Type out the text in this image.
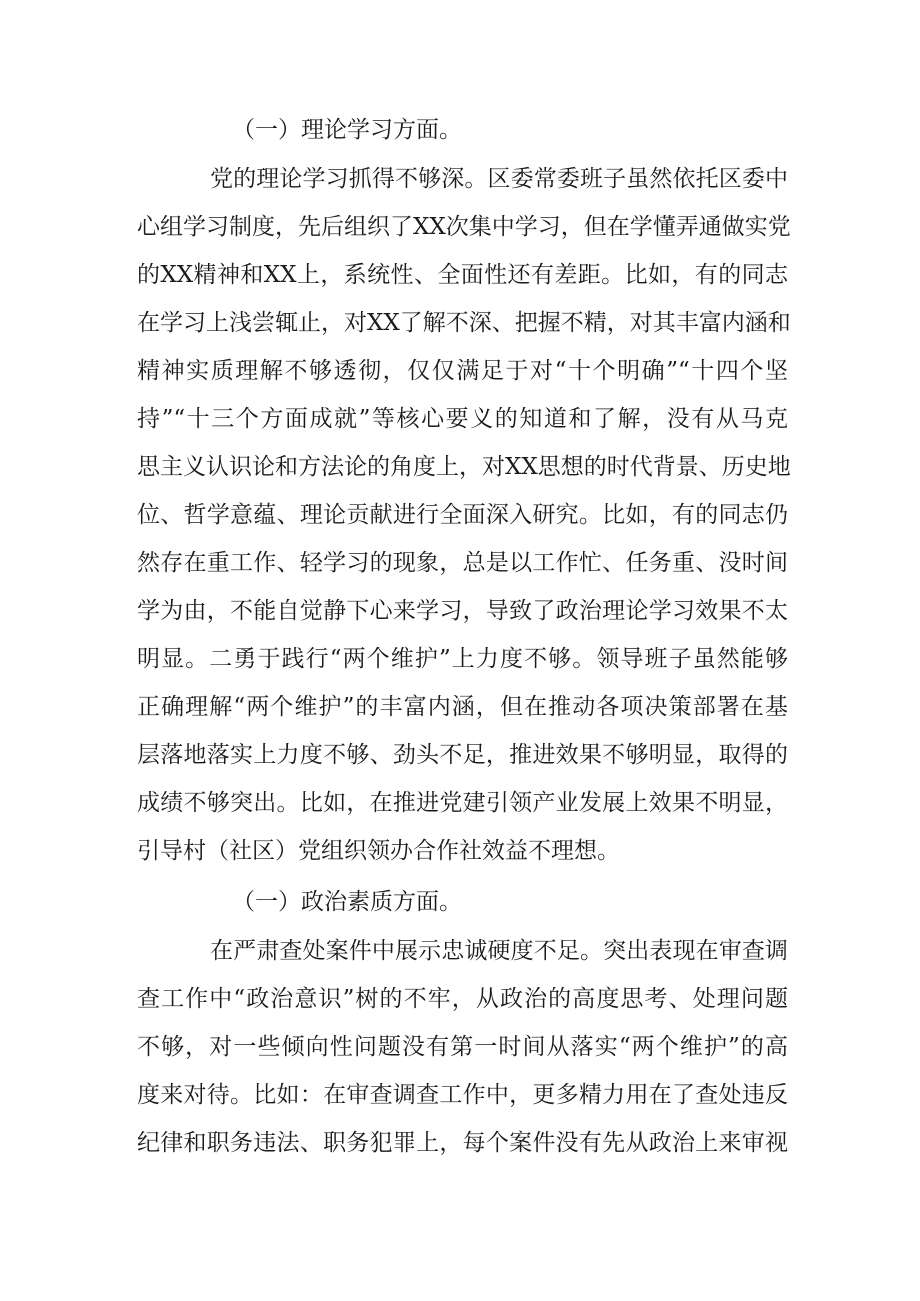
（一）理论学习方面。

党的理论学习抓得不够深。区委常委班子虽然依托区委中

心组学习制度，先后组织了XX次集中学习，但在学懂弄通做实党

的XX精神和XX上，系统性、全面性还有差距。比如，有的同志

在学习上浅尝辄止，对XX了解不深、把握不精，对其丰富内涵和

精神实质理解不够透彻，仅仅满足于对“十个明确”“十四个坚

持”“十三个方面成就”等核心要义的知道和了解，没有从马克

思主义认识论和方法论的角度上，对XX思想的时代背景、历史地

位、哲学意蕴、理论贡献进行全面深入研究。比如，有的同志仍

然存在重工作、轻学习的现象，总是以工作忙、任务重、没时间

学为由，不能自觉静下心来学习，导致了政治理论学习效果不太

明显。二勇于践行“两个维护”上力度不够。领导班子虽然能够

正确理解“两个维护”的丰富内涵，但在推动各项决策部署在基

层落地落实上力度不够、劲头不足，推进效果不够明显，取得的

成绩不够突出。比如，在推进党建引领产业发展上效果不明显，

引导村（社区）党组织领办合作社效益不理想。

（一）政治素质方面。

在严肃查处案件中展示忠诚硬度不足。突出表现在审查调

查工作中“政治意识”树的不牢，从政治的高度思考、处理问题

不够，对一些倾向性问题没有第一时间从落实“两个维护”的高

度来对待。比如：在审查调查工作中，更多精力用在了查处违反

纪律和职务违法、职务犯罪上，每个案件没有先从政治上来审视
